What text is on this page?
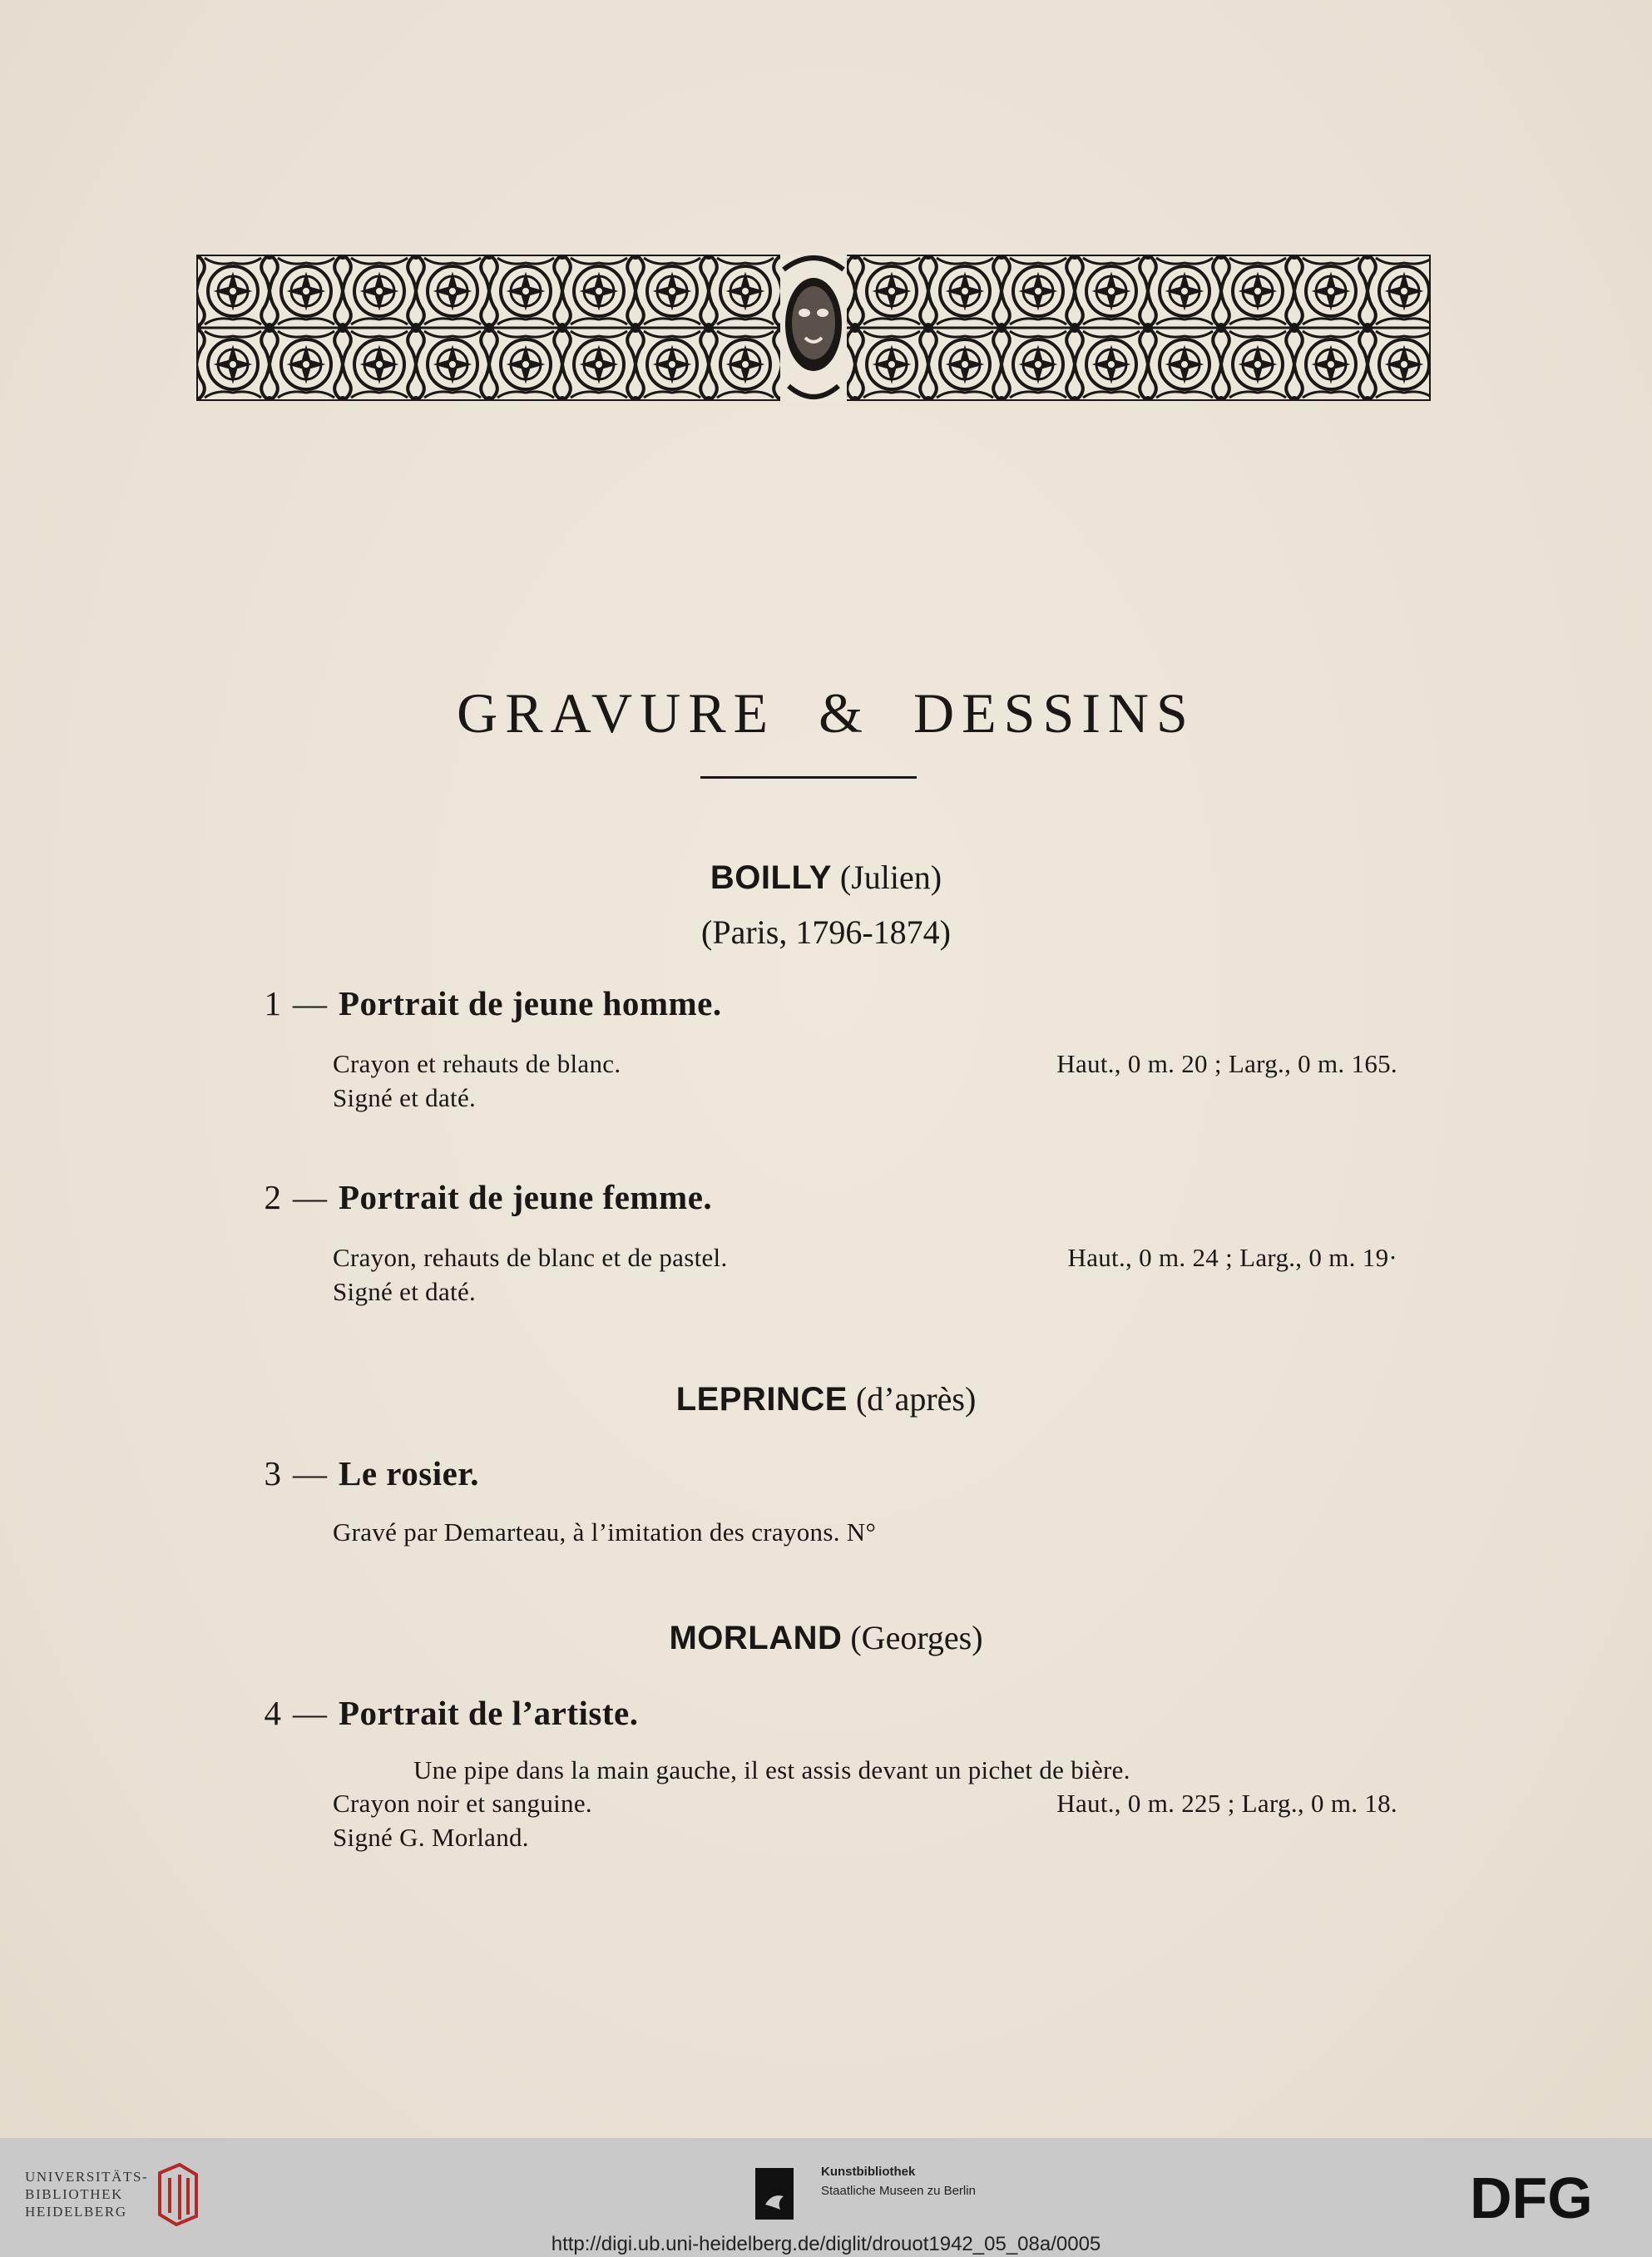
GRAVURE & DESSINS
BOILLY (Julien)
(Paris, 1796-1874)
1 — Portrait de jeune homme.
Crayon et rehauts de blanc.	Haut., 0 m. 20 ; Larg., 0 m. 165.
Signé et daté.
2 — Portrait de jeune femme.
Crayon, rehauts de blanc et de pastel.	Haut., 0 m. 24 ; Larg., 0 m. 19·
Signé et daté.
LEPRINCE (d’après)
3 — Le rosier.
Gravé par Demarteau, à l’imitation des crayons. N°
MORLAND (Georges)
4 — Portrait de l’artiste.
Une pipe dans la main gauche, il est assis devant un pichet de bière.
Crayon noir et sanguine.	Haut., 0 m. 225 ; Larg., 0 m. 18.
Signé G. Morland.
UNIVERSITÄTS-
BIBLIOTHEK
HEIDELBERG
Kunstbibliothek
Staatliche Museen zu Berlin	DFG
http://digi.ub.uni-heidelberg.de/diglit/drouot1942_05_08a/0005
